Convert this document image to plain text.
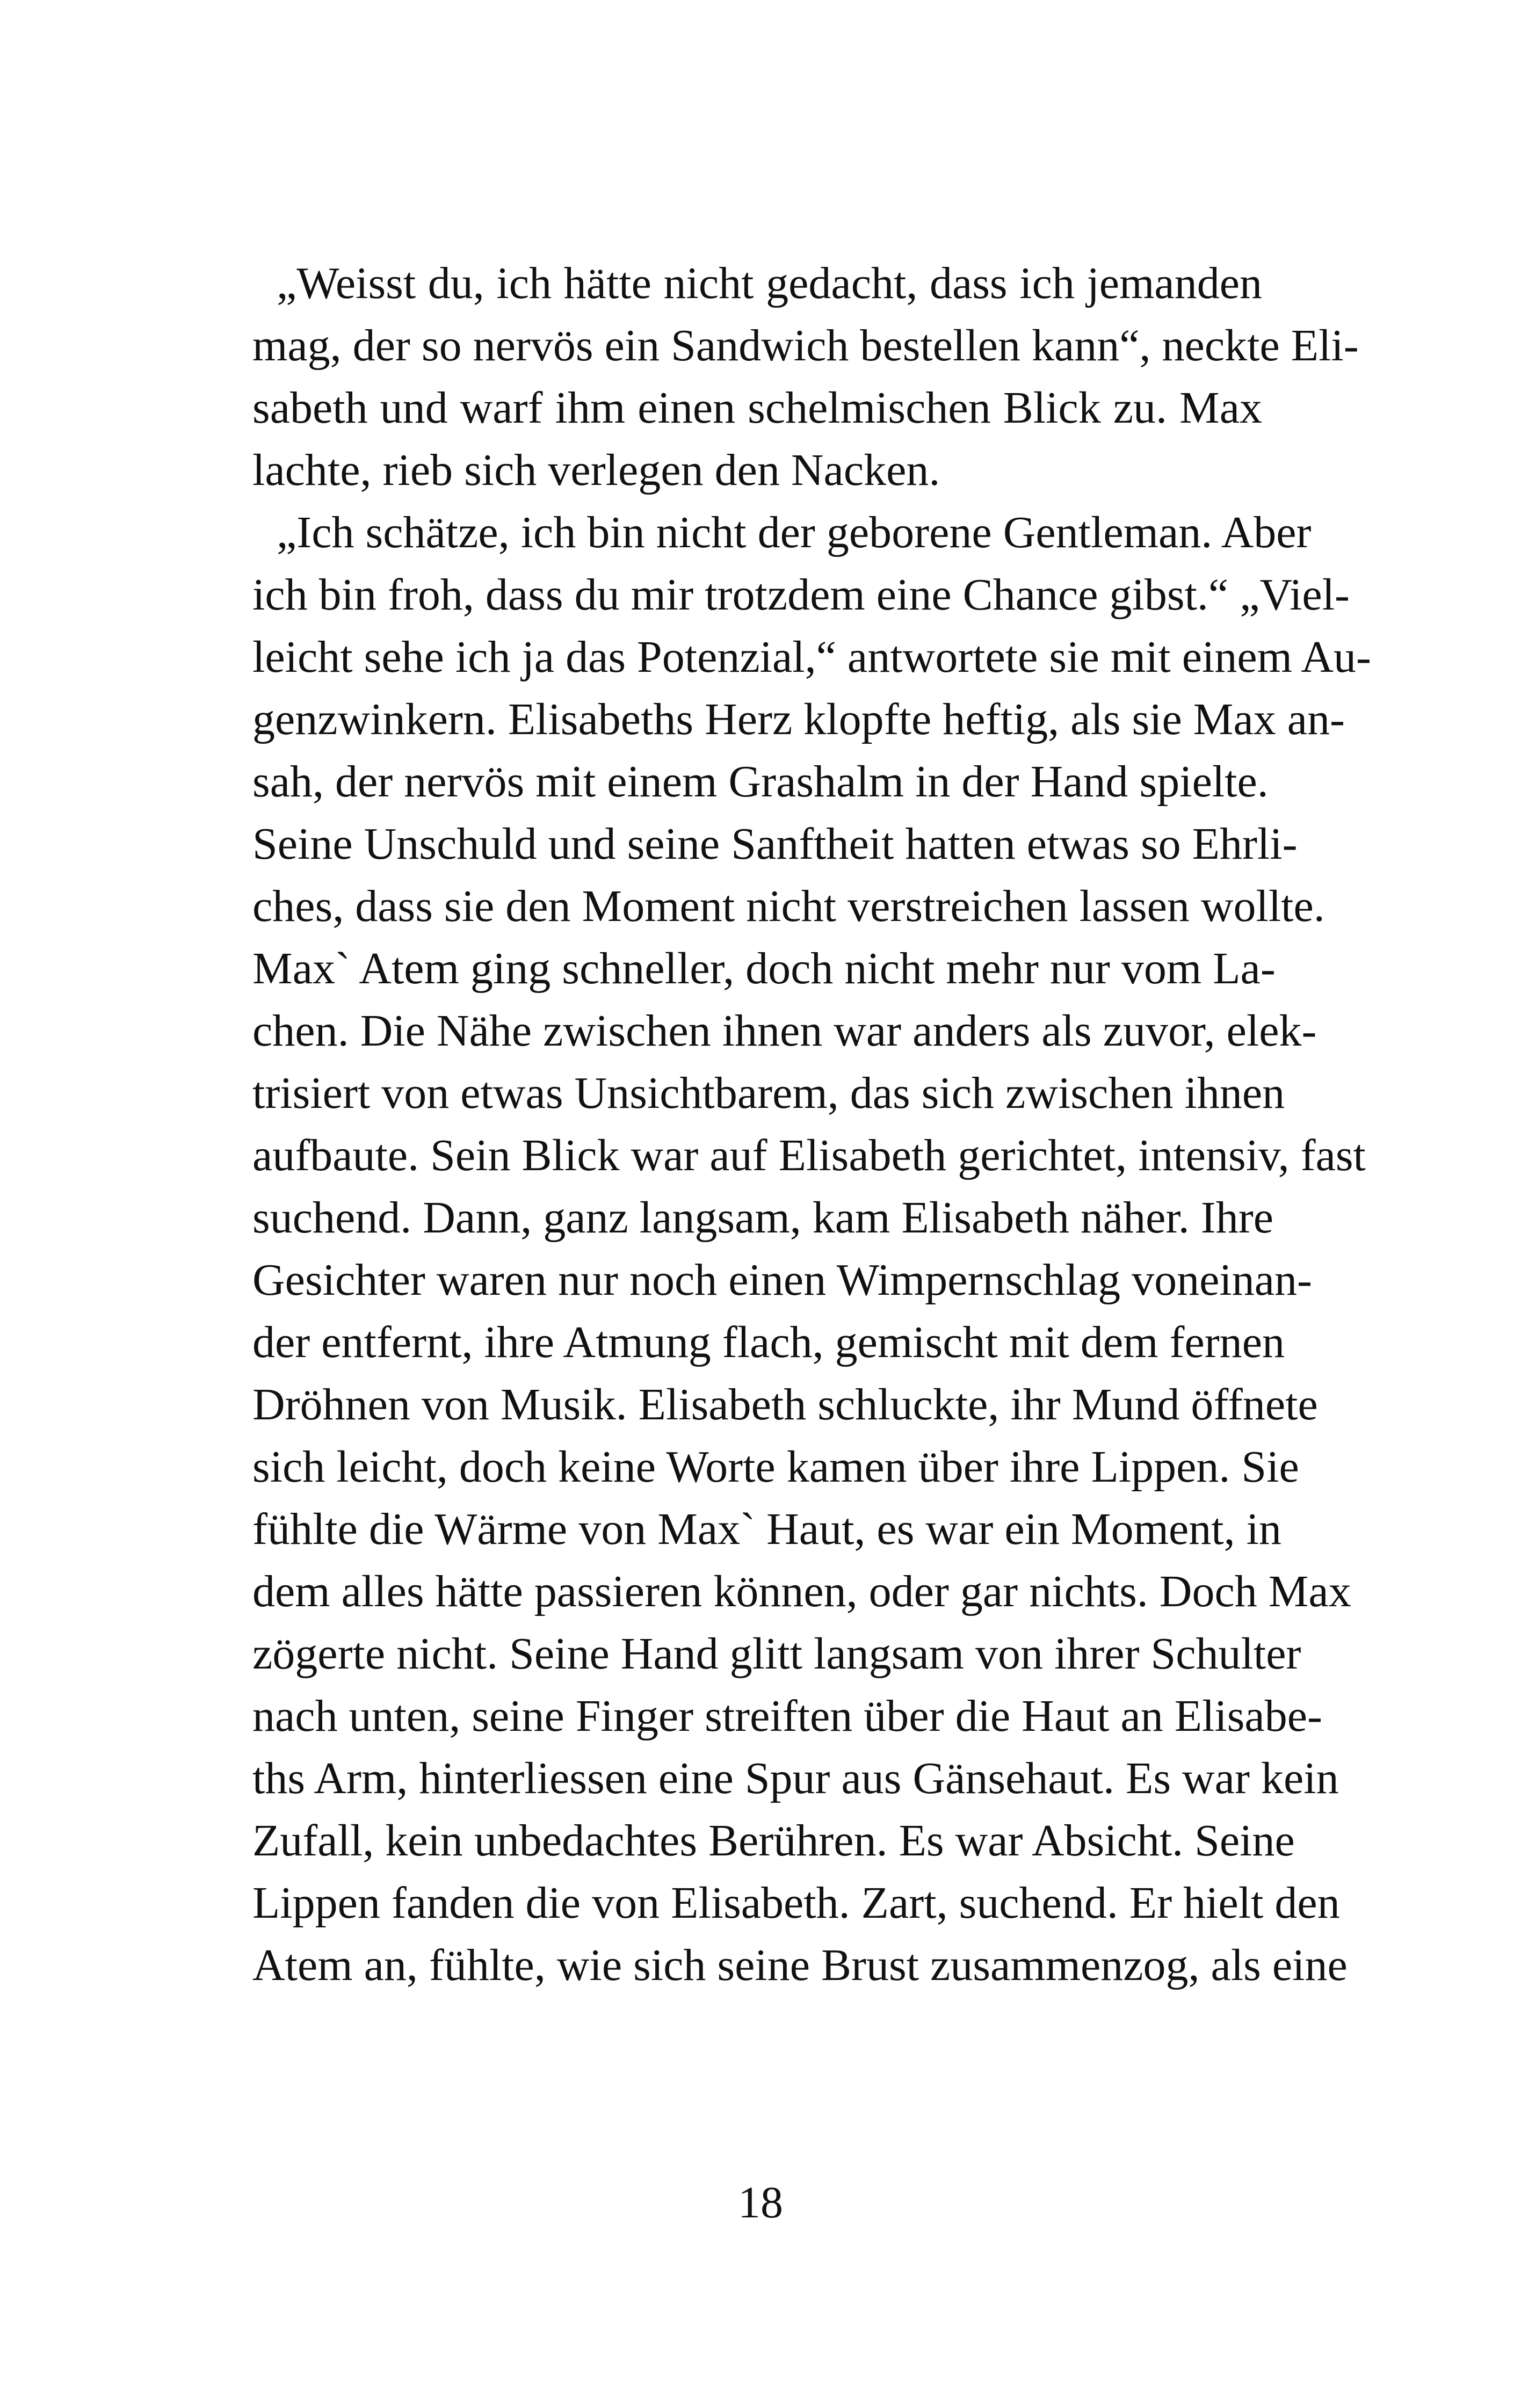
„Weisst du, ich hätte nicht gedacht, dass ich jemanden
mag, der so nervös ein Sandwich bestellen kann“, neckte Eli-
sabeth und warf ihm einen schelmischen Blick zu. Max
lachte, rieb sich verlegen den Nacken.
„Ich schätze, ich bin nicht der geborene Gentleman. Aber
ich bin froh, dass du mir trotzdem eine Chance gibst.“ „Viel-
leicht sehe ich ja das Potenzial,“ antwortete sie mit einem Au-
genzwinkern. Elisabeths Herz klopfte heftig, als sie Max an-
sah, der nervös mit einem Grashalm in der Hand spielte.
Seine Unschuld und seine Sanftheit hatten etwas so Ehrli-
ches, dass sie den Moment nicht verstreichen lassen wollte.
Max` Atem ging schneller, doch nicht mehr nur vom La-
chen. Die Nähe zwischen ihnen war anders als zuvor, elek-
trisiert von etwas Unsichtbarem, das sich zwischen ihnen
aufbaute. Sein Blick war auf Elisabeth gerichtet, intensiv, fast
suchend. Dann, ganz langsam, kam Elisabeth näher. Ihre
Gesichter waren nur noch einen Wimpernschlag voneinan-
der entfernt, ihre Atmung flach, gemischt mit dem fernen
Dröhnen von Musik. Elisabeth schluckte, ihr Mund öffnete
sich leicht, doch keine Worte kamen über ihre Lippen. Sie
fühlte die Wärme von Max` Haut, es war ein Moment, in
dem alles hätte passieren können, oder gar nichts. Doch Max
zögerte nicht. Seine Hand glitt langsam von ihrer Schulter
nach unten, seine Finger streiften über die Haut an Elisabe-
ths Arm, hinterliessen eine Spur aus Gänsehaut. Es war kein
Zufall, kein unbedachtes Berühren. Es war Absicht. Seine
Lippen fanden die von Elisabeth. Zart, suchend. Er hielt den
Atem an, fühlte, wie sich seine Brust zusammenzog, als eine
18
